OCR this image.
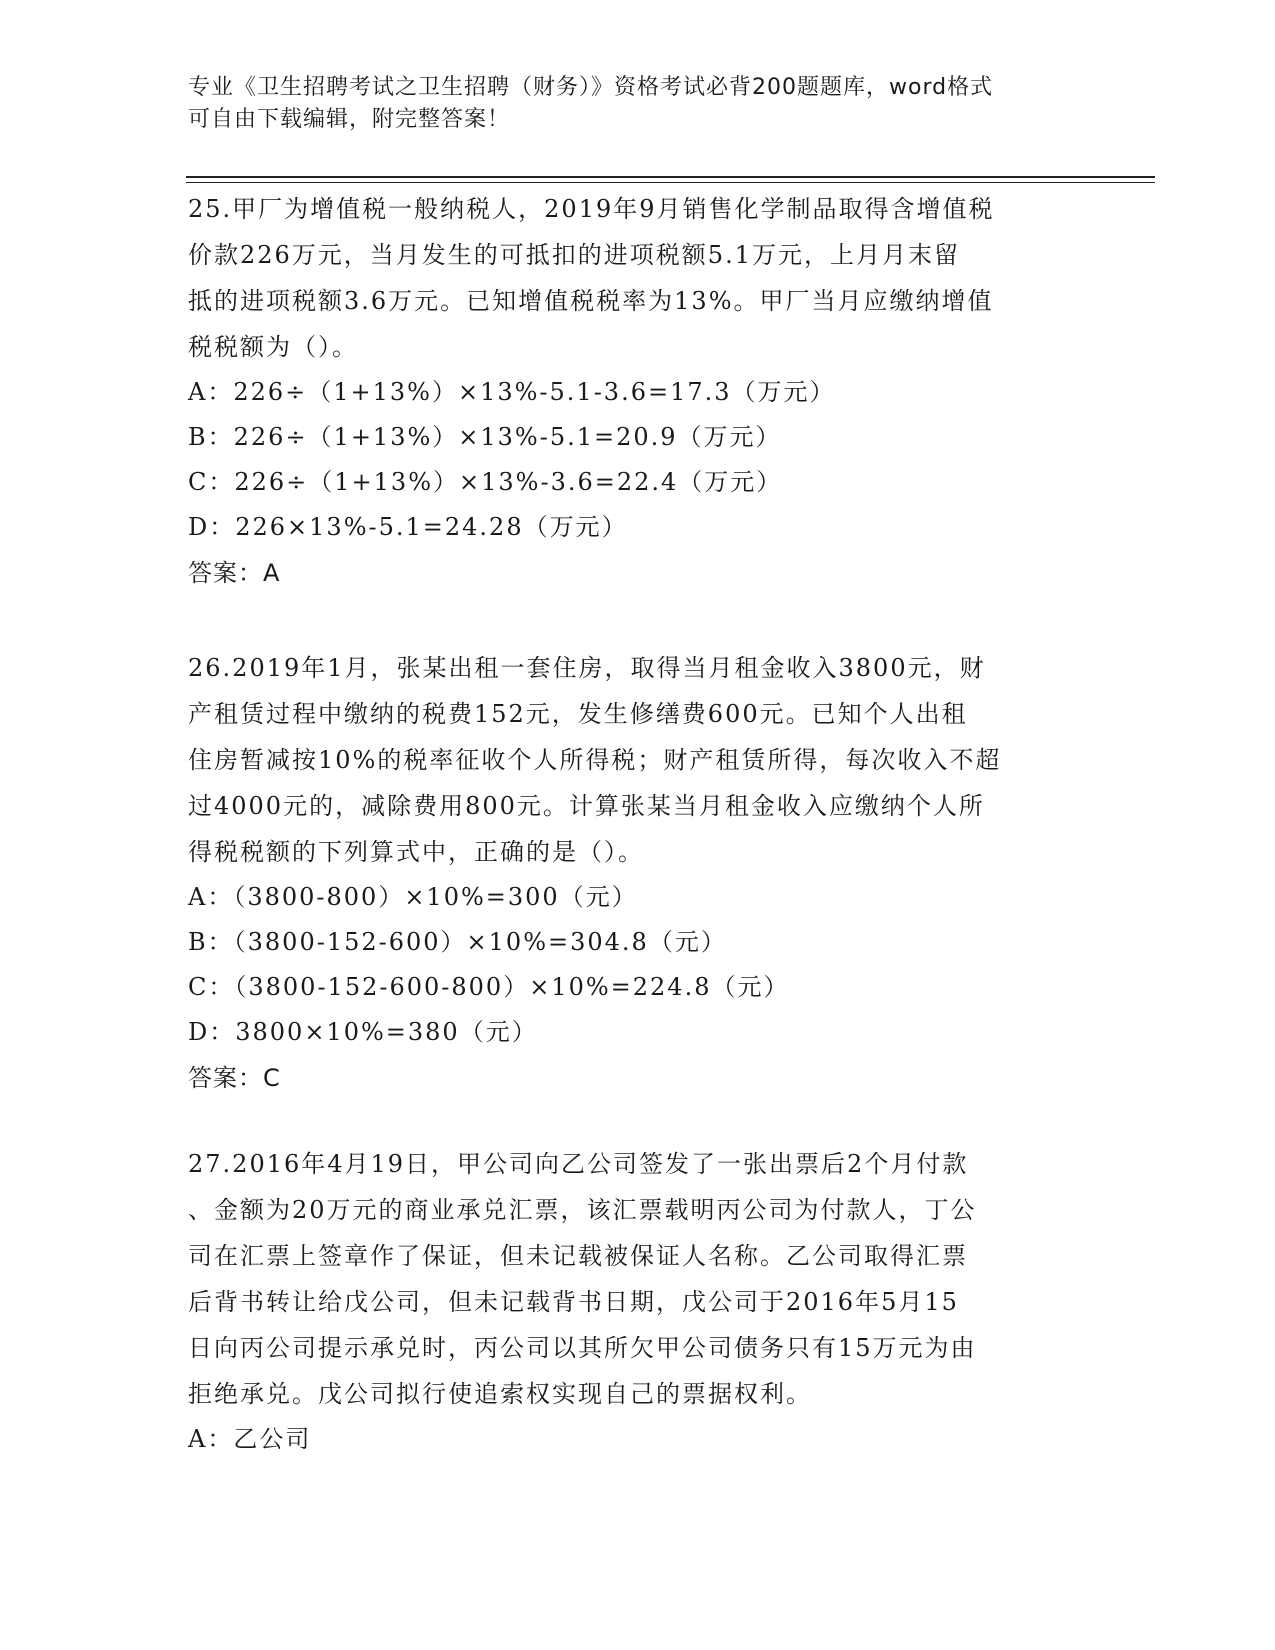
专业《卫生招聘考试之卫生招聘（财务）》资格考试必背200题题库，word格式
可自由下载编辑，附完整答案！
25.甲厂为增值税一般纳税人，2019年9月销售化学制品取得含增值税
价款226万元，当月发生的可抵扣的进项税额5.1万元，上月月末留
抵的进项税额3.6万元。已知增值税税率为13%。甲厂当月应缴纳增值
税税额为（）。
A：226÷（1+13%）×13%-5.1-3.6=17.3（万元）
B：226÷（1+13%）×13%-5.1=20.9（万元）
C：226÷（1+13%）×13%-3.6=22.4（万元）
D：226×13%-5.1=24.28（万元）
答案：A
26.2019年1月，张某出租一套住房，取得当月租金收入3800元，财
产租赁过程中缴纳的税费152元，发生修缮费600元。已知个人出租
住房暂减按10%的税率征收个人所得税；财产租赁所得，每次收入不超
过4000元的，减除费用800元。计算张某当月租金收入应缴纳个人所
得税税额的下列算式中，正确的是（）。
A：（3800-800）×10%=300（元）
B：（3800-152-600）×10%=304.8（元）
C：（3800-152-600-800）×10%=224.8（元）
D：3800×10%=380（元）
答案：C
27.2016年4月19日，甲公司向乙公司签发了一张出票后2个月付款
、金额为20万元的商业承兑汇票，该汇票载明丙公司为付款人，丁公
司在汇票上签章作了保证，但未记载被保证人名称。乙公司取得汇票
后背书转让给戊公司，但未记载背书日期，戊公司于2016年5月15
日向丙公司提示承兑时，丙公司以其所欠甲公司债务只有15万元为由
拒绝承兑。戊公司拟行使追索权实现自己的票据权利。
A：乙公司
